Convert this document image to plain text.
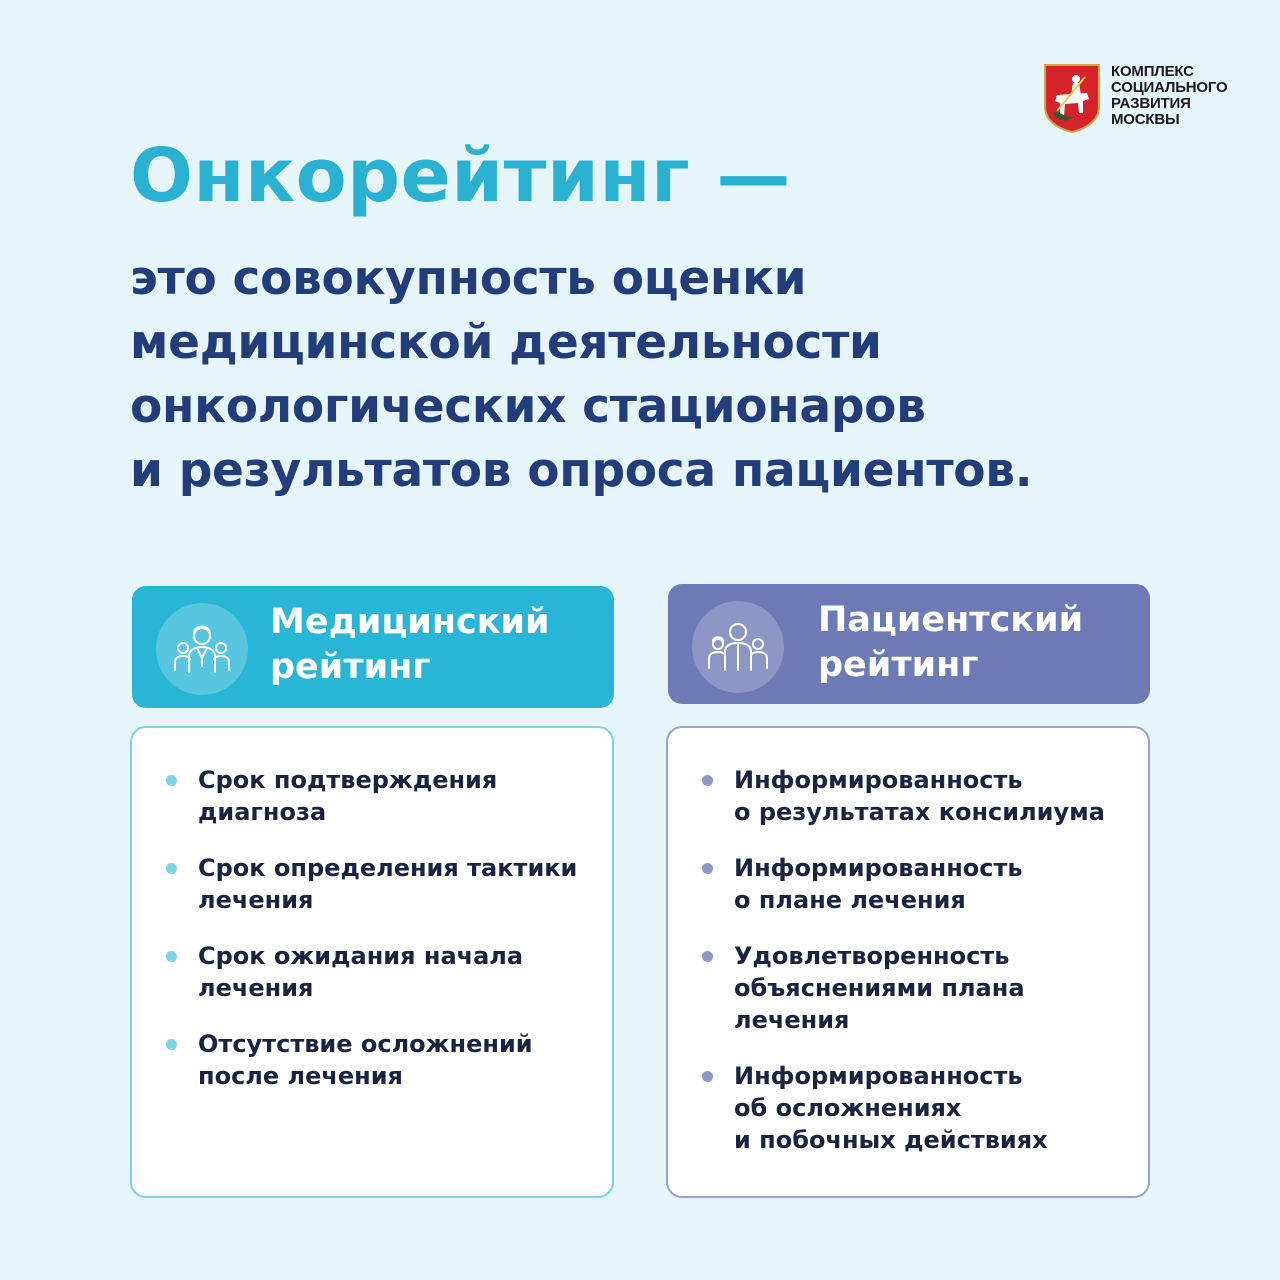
КОМПЛЕКС
СОЦИАЛЬНОГО
РАЗВИТИЯ
МОСКВЫ
Онкорейтинг —

это совокупность оценки
медицинской деятельности
онкологических стационаров
и результатов опроса пациентов.

Медицинский
рейтинг
Пациентский
рейтинг
Срок подтверждения
диагноза
Срок определения тактики
лечения
Срок ожидания начала
лечения
Отсутствие осложнений
после лечения
Информированность
о результатах консилиума
Информированность
о плане лечения
Удовлетворенность
объяснениями плана
лечения
Информированность
об осложнениях
и побочных действиях
